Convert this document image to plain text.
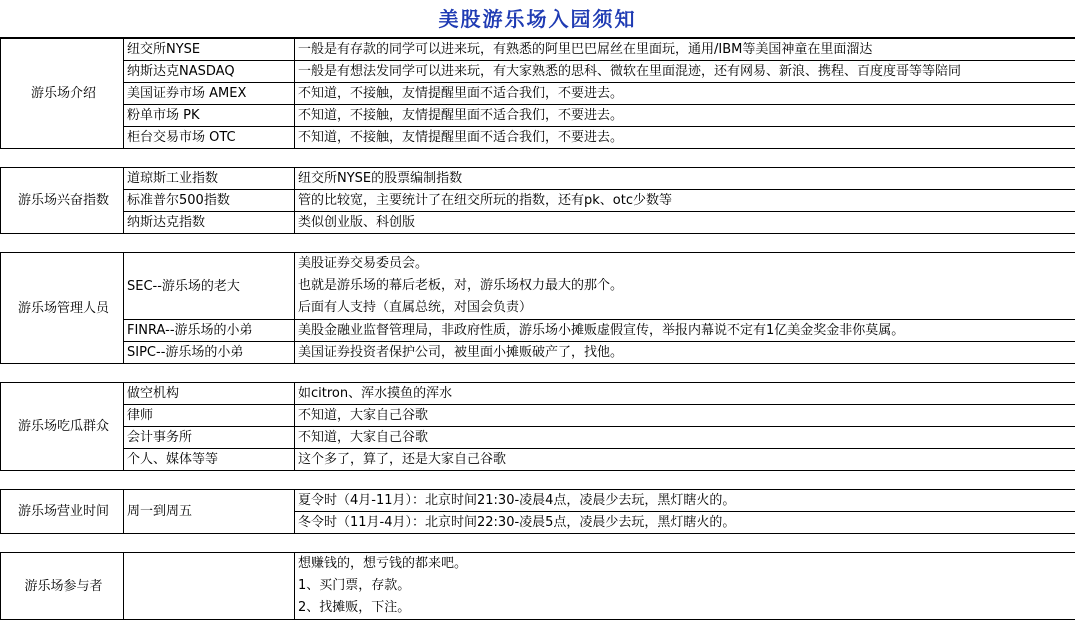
美股游乐场入园须知
游乐场介绍	纽交所NYSE	一般是有存款的同学可以进来玩，有熟悉的阿里巴巴屌丝在里面玩，通用/IBM等美国神童在里面溜达
	纳斯达克NASDAQ	一般是有想法发同学可以进来玩，有大家熟悉的思科、微软在里面混迹，还有网易、新浪、携程、百度度哥等等陪同
	美国证券市场 AMEX	不知道，不接触，友情提醒里面不适合我们，不要进去。
	粉单市场 PK	不知道，不接触，友情提醒里面不适合我们，不要进去。
	柜台交易市场 OTC	不知道，不接触，友情提醒里面不适合我们，不要进去。

游乐场兴奋指数	道琼斯工业指数	纽交所NYSE的股票编制指数
	标准普尔500指数	管的比较宽，主要统计了在纽交所玩的指数，还有pk、otc少数等
	纳斯达克指数	类似创业版、科创版

游乐场管理人员	SEC--游乐场的老大	美股证券交易委员会。
也就是游乐场的幕后老板，对，游乐场权力最大的那个。
后面有人支持（直属总统，对国会负责）

	FINRA--游乐场的小弟	美股金融业监督管理局，非政府性质，游乐场小摊贩虚假宣传，举报内幕说不定有1亿美金奖金非你莫属。
	SIPC--游乐场的小弟	美国证券投资者保护公司，被里面小摊贩破产了，找他。

游乐场吃瓜群众	做空机构	如citron、浑水摸鱼的浑水
	律师	不知道，大家自己谷歌
	会计事务所	不知道，大家自己谷歌
	个人、媒体等等	这个多了，算了，还是大家自己谷歌

游乐场营业时间	周一到周五	夏令时（4月-11月）：北京时间21:30-凌晨4点，凌晨少去玩，黑灯瞎火的。
		冬令时（11月-4月）：北京时间22:30-凌晨5点，凌晨少去玩，黑灯瞎火的。

游乐场参与者		想赚钱的，想亏钱的都来吧。
1、买门票，存款。
2、找摊贩，下注。
